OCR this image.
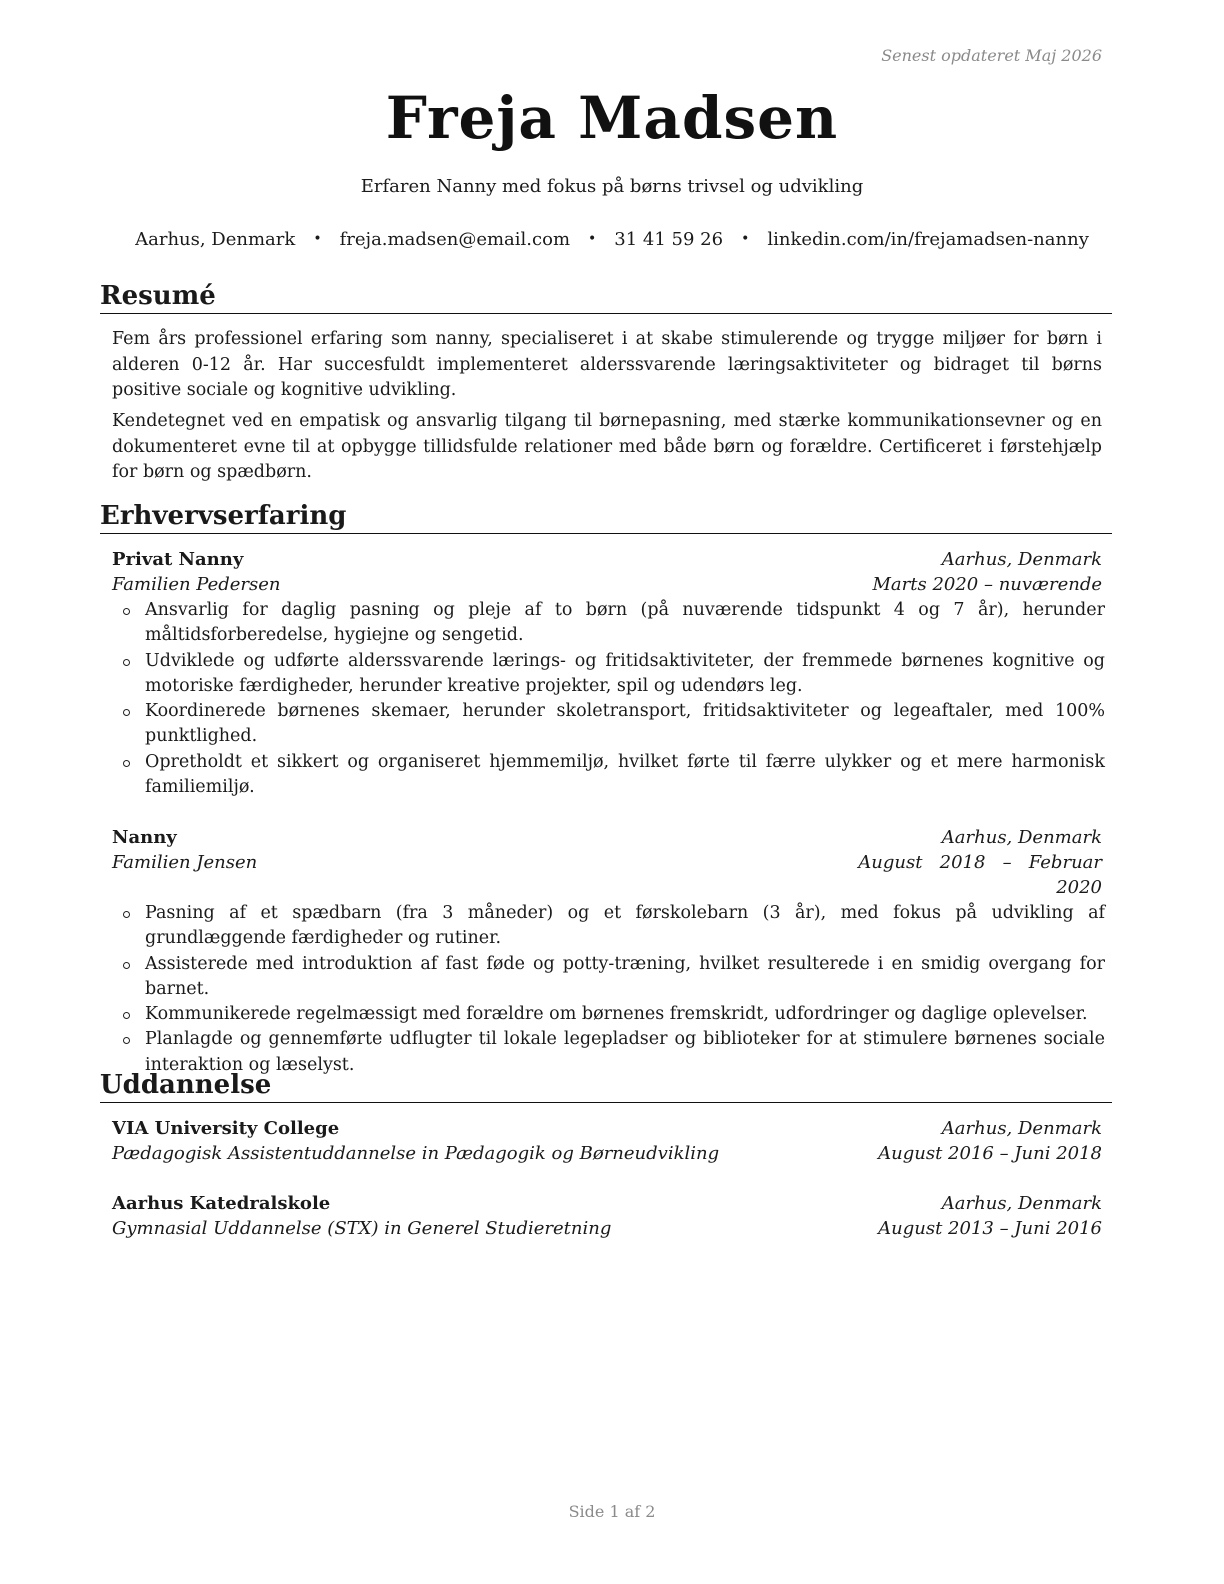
Senest opdateret Maj 2026
Freja Madsen
Erfaren Nanny med fokus på børns trivsel og udvikling
Aarhus, Denmark • freja.madsen@email.com • 31 41 59 26 • linkedin.com/in/frejamadsen-nanny
Resumé
Fem års professionel erfaring som nanny, specialiseret i at skabe stimulerende og trygge miljøer for børn i alderen 0-12 år. Har succesfuldt implementeret alderssvarende læringsaktiviteter og bidraget til børns positive sociale og kognitive udvikling.
Kendetegnet ved en empatisk og ansvarlig tilgang til børnepasning, med stærke kommunikationsevner og en dokumenteret evne til at opbygge tillidsfulde relationer med både børn og forældre. Certificeret i førstehjælp for børn og spædbørn.
Erhvervserfaring
Privat Nanny	Aarhus, Denmark
Familien Pedersen	Marts 2020 – nuværende
Ansvarlig for daglig pasning og pleje af to børn (på nuværende tidspunkt 4 og 7 år), herunder måltidsforberedelse, hygiejne og sengetid.
Udviklede og udførte alderssvarende lærings- og fritidsaktiviteter, der fremmede børnenes kognitive og motoriske færdigheder, herunder kreative projekter, spil og udendørs leg.
Koordinerede børnenes skemaer, herunder skoletransport, fritidsaktiviteter og legeaftaler, med 100% punktlighed.
Opretholdt et sikkert og organiseret hjemmemiljø, hvilket førte til færre ulykker og et mere harmonisk familiemiljø.
Nanny	Aarhus, Denmark
Familien Jensen	August   2018   –   Februar
2020
Pasning af et spædbarn (fra 3 måneder) og et førskolebarn (3 år), med fokus på udvikling af grundlæggende færdigheder og rutiner.
Assisterede med introduktion af fast føde og potty-træning, hvilket resulterede i en smidig overgang for barnet.
Kommunikerede regelmæssigt med forældre om børnenes fremskridt, udfordringer og daglige oplevelser.
Planlagde og gennemførte udflugter til lokale legepladser og biblioteker for at stimulere børnenes sociale interaktion og læselyst.
Uddannelse
VIA University College	Aarhus, Denmark
Pædagogisk Assistentuddannelse in Pædagogik og Børneudvikling	August 2016 – Juni 2018
Aarhus Katedralskole	Aarhus, Denmark
Gymnasial Uddannelse (STX) in Generel Studieretning	August 2013 – Juni 2016
Side 1 af 2
